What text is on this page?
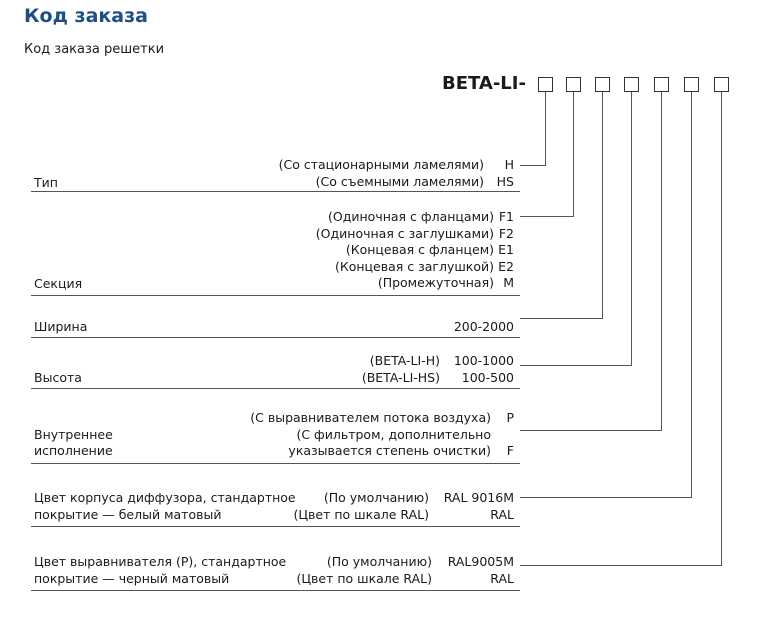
Код заказа
Код заказа решетки
BETA-LI-
(Со стационарными ламелями) H
(Со съемными ламелями) HS
Тип
(Одиночная с фланцами) F1
(Одиночная с заглушками) F2
(Концевая с фланцем) E1
(Концевая с заглушкой) E2
(Промежуточная) M
Секция
200-2000
Ширина
(BETA-LI-H) 100-1000
(BETA-LI-HS) 100-500
Высота
(С выравнивателем потока воздуха) P
(С фильтром, дополнительно
указывается степень очистки) F
Внутреннее
исполнение
(По умолчанию) RAL 9016M
(Цвет по шкале RAL)	RAL
Цвет корпуса диффузора, стандартное
покрытие — белый матовый
(По умолчанию) RAL9005M
(Цвет по шкале RAL)	RAL
Цвет выравнивателя (P), стандартное
покрытие — черный матовый
